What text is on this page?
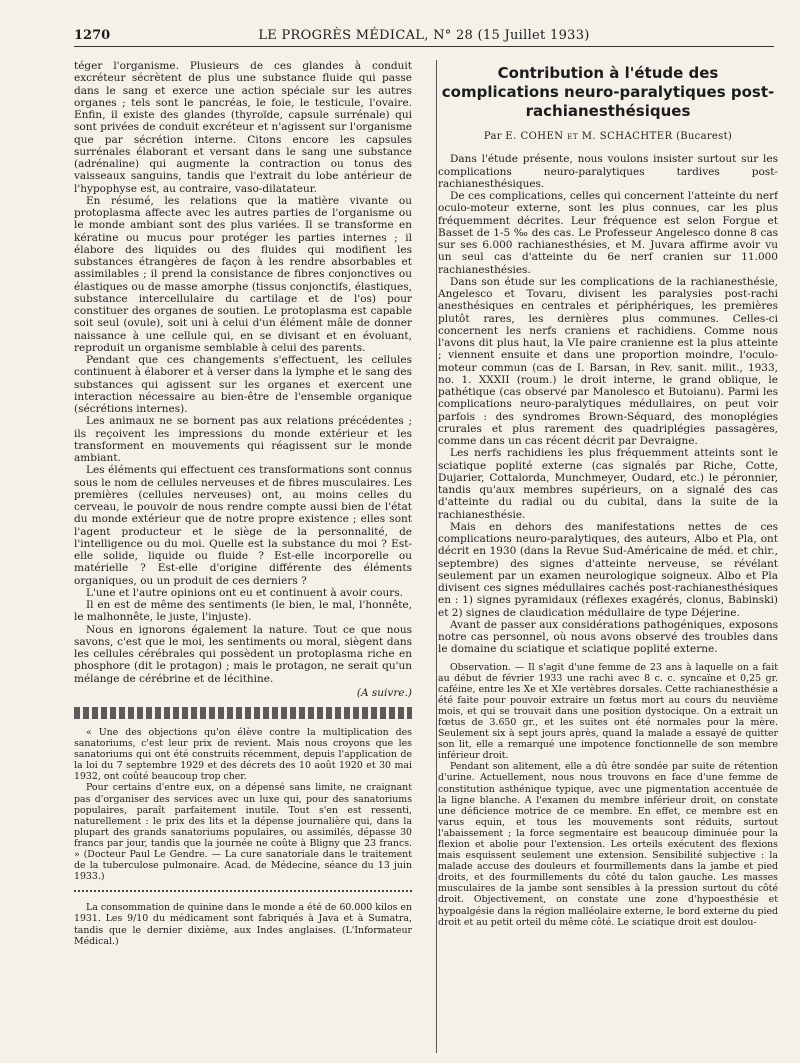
1270	LE PROGRÈS MÉDICAL, N° 28 (15 Juillet 1933)

téger l'organisme. Plusieurs de ces glandes à conduit excréteur sécrètent de plus une substance fluide qui passe dans le sang et exerce une action spéciale sur les autres organes ; tels sont le pancréas, le foie, le testicule, l'ovaire. Enfin, il existe des glandes (thyroïde, capsule surrénale) qui sont privées de conduit excréteur et n'agissent sur l'organisme que par sécrétion interne. Citons encore les capsules surrénales élaborant et versant dans le sang une substance (adrénaline) qui augmente la contraction ou tonus des vaisseaux sanguins, tandis que l'extrait du lobe antérieur de l'hypophyse est, au contraire, vaso-dilatateur.

En résumé, les relations que la matière vivante ou protoplasma affecte avec les autres parties de l'organisme ou le monde ambiant sont des plus variées. Il se transforme en kératine ou mucus pour protéger les parties internes ; il élabore des liquides ou des fluides qui modifient les substances étrangères de façon à les rendre absorbables et assimilables ; il prend la consistance de fibres conjonctives ou élastiques ou de masse amorphe (tissus conjonctifs, élastiques, substance intercellulaire du cartilage et de l'os) pour constituer des organes de soutien. Le protoplasma est capable soit seul (ovule), soit uni à celui d'un élément mâle de donner naissance à une cellule qui, en se divisant et en évoluant, reproduit un organisme semblable à celui des parents.

Pendant que ces changements s'effectuent, les cellules continuent à élaborer et à verser dans la lymphe et le sang des substances qui agissent sur les organes et exercent une interaction nécessaire au bien-être de l'ensemble organique (sécrétions internes).

Les animaux ne se bornent pas aux relations précédentes ; ils reçoivent les impressions du monde extérieur et les transforment en mouvements qui réagissent sur le monde ambiant.

Les éléments qui effectuent ces transformations sont connus sous le nom de cellules nerveuses et de fibres musculaires. Les premières (cellules nerveuses) ont, au moins celles du cerveau, le pouvoir de nous rendre compte aussi bien de l'état du monde extérieur que de notre propre existence ; elles sont l'agent producteur et le siège de la personnalité, de l'intelligence ou du moi. Quelle est la substance du moi ? Est-elle solide, liquide ou fluide ? Est-elle incorporelle ou matérielle ? Est-elle d'origine différente des éléments organiques, ou un produit de ces derniers ?

L'une et l'autre opinions ont eu et continuent à avoir cours.

Il en est de même des sentiments (le bien, le mal, l'honnête, le malhonnête, le juste, l'injuste).

Nous en ignorons également la nature. Tout ce que nous savons, c'est que le moi, les sentiments ou moral, siègent dans les cellules cérébrales qui possèdent un protoplasma riche en phosphore (dit le protagon) ; mais le protagon, ne serait qu'un mélange de cérébrine et de lécithine.

(A suivre.)

« Une des objections qu'on élève contre la multiplication des sanatoriums, c'est leur prix de revient. Mais nous croyons que les sanatoriums qui ont été construits récemment, depuis l'application de la loi du 7 septembre 1929 et des décrets des 10 août 1920 et 30 mai 1932, ont coûté beaucoup trop cher.

Pour certains d'entre eux, on a dépensé sans limite, ne craignant pas d'organiser des services avec un luxe qui, pour des sanatoriums populaires, paraît parfaitement inutile. Tout s'en est ressenti, naturellement : le prix des lits et la dépense journalière qui, dans la plupart des grands sanatoriums populaires, ou assimilés, dépasse 30 francs par jour, tandis que la journée ne coûte à Bligny que 23 francs. » (Docteur Paul Le Gendre. — La cure sanatoriale dans le traitement de la tuberculose pulmonaire. Acad. de Médecine, séance du 13 juin 1933.)

La consommation de quinine dans le monde a été de 60.000 kilos en 1931. Les 9/10 du médicament sont fabriqués à Java et à Sumatra, tandis que le dernier dixième, aux Indes anglaises. (L'Informateur Médical.)

Contribution à l'étude des complications neuro-paralytiques post-rachianesthésiques
Par E. COHEN et M. SCHACHTER (Bucarest)

Dans l'étude présente, nous voulons insister surtout sur les complications neuro-paralytiques tardives post-rachianesthésiques.

De ces complications, celles qui concernent l'atteinte du nerf oculo-moteur externe, sont les plus connues, car les plus fréquemment décrites. Leur fréquence est selon Forgue et Basset de 1-5 ‰ des cas. Le Professeur Angelesco donne 8 cas sur ses 6.000 rachianesthésies, et M. Juvara affirme avoir vu un seul cas d'atteinte du 6e nerf cranien sur 11.000 rachianesthésies.

Dans son étude sur les complications de la rachianesthésie, Angelesco et Tovaru, divisent les paralysies post-rachi anesthésiques en centrales et périphériques, les premières plutôt rares, les dernières plus communes. Celles-ci concernent les nerfs craniens et rachidiens. Comme nous l'avons dit plus haut, la VIe paire cranienne est la plus atteinte ; viennent ensuite et dans une proportion moindre, l'oculo-moteur commun (cas de I. Barsan, in Rev. sanit. milit., 1933, no. 1. XXXII (roum.) le droit interne, le grand oblique, le pathétique (cas observé par Manolesco et Butoianu). Parmi les complications neuro-paralytiques médullaires, on peut voir parfois : des syndromes Brown-Séquard, des monoplégies crurales et plus rarement des quadriplégies passagères, comme dans un cas récent décrit par Devraigne.

Les nerfs rachidiens les plus fréquemment atteints sont le sciatique poplité externe (cas signalés par Riche, Cotte, Dujarier, Cottalorda, Munchmeyer, Oudard, etc.) le péronnier, tandis qu'aux membres supérieurs, on a signalé des cas d'atteinte du radial ou du cubital, dans la suite de la rachianesthésie.

Mais en dehors des manifestations nettes de ces complications neuro-paralytiques, des auteurs, Albo et Pla, ont décrit en 1930 (dans la Revue Sud-Américaine de méd. et chir., septembre) des signes d'atteinte nerveuse, se révélant seulement par un examen neurologique soigneux. Albo et Pla divisent ces signes médullaires cachés post-rachianesthésiques en : 1) signes pyramidaux (réflexes exagérés, clonus, Babinski) et 2) signes de claudication médullaire de type Déjerine.

Avant de passer aux considérations pathogéniques, exposons notre cas personnel, où nous avons observé des troubles dans le domaine du sciatique et sciatique poplité externe.

Observation. — Il s'agit d'une femme de 23 ans à laquelle on a fait au début de février 1933 une rachi avec 8 c. c. syncaïne et 0,25 gr. caféine, entre les Xe et XIe vertèbres dorsales. Cette rachianesthésie a été faite pour pouvoir extraire un fœtus mort au cours du neuvième mois, et qui se trouvait dans une position dystocique. On a extrait un fœtus de 3.650 gr., et les suites ont été normales pour la mère. Seulement six à sept jours après, quand la malade a essayé de quitter son lit, elle a remarqué une impotence fonctionnelle de son membre inférieur droit.

Pendant son alitement, elle a dû être sondée par suite de rétention d'urine. Actuellement, nous nous trouvons en face d'une femme de constitution asthénique typique, avec une pigmentation accentuée de la ligne blanche. A l'examen du membre inférieur droit, on constate une déficience motrice de ce membre. En effet, ce membre est en varus equin, et tous les mouvements sont réduits, surtout l'abaissement ; la force segmentaire est beaucoup diminuée pour la flexion et abolie pour l'extension. Les orteils exécutent des flexions mais esquissent seulement une extension. Sensibilité subjective : la malade accuse des douleurs et fourmillements dans la jambe et pied droits, et des fourmillements du côté du talon gauche. Les masses musculaires de la jambe sont sensibles à la pression surtout du côté droit. Objectivement, on constate une zone d'hypoesthésie et hypoalgésie dans la région malléolaire externe, le bord externe du pied droit et au petit orteil du même côté. Le sciatique droit est doulou-
